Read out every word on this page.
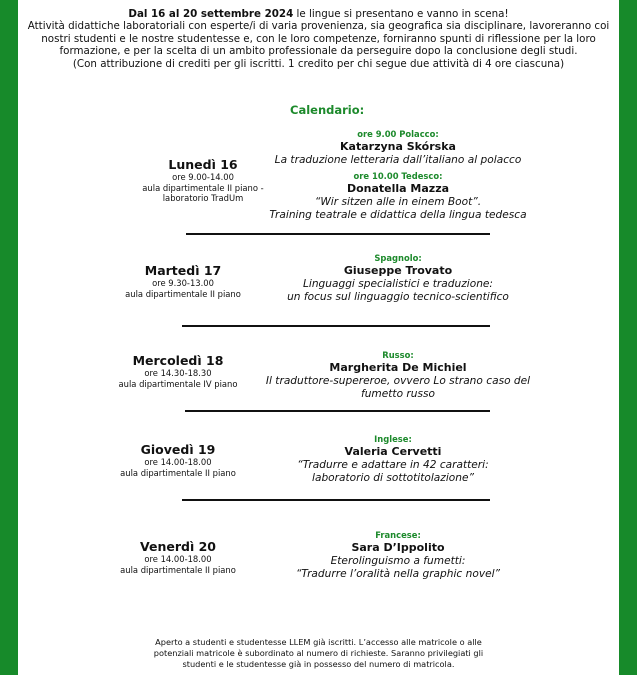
Dal 16 al 20 settembre 2024 le lingue si presentano e vanno in scena!
Attività didattiche laboratoriali con esperte/i di varia provenienza, sia geografica sia disciplinare, lavoreranno coi
nostri studenti e le nostre studentesse e, con le loro competenze, forniranno spunti di riflessione per la loro
formazione, e per la scelta di un ambito professionale da perseguire dopo la conclusione degli studi.
(Con attribuzione di crediti per gli iscritti. 1 credito per chi segue due attività di 4 ore ciascuna)
Calendario:
Lunedì 16
ore 9.00-14.00
aula dipartimentale II piano -
laboratorio TradUm
ore 9.00 Polacco:
Katarzyna Skórska
La traduzione letteraria dall’italiano al polacco
ore 10.00 Tedesco:
Donatella Mazza
“Wir sitzen alle in einem Boot”.
Training teatrale e didattica della lingua tedesca
Martedì 17
ore 9.30-13.00
aula dipartimentale II piano
Spagnolo:
Giuseppe Trovato
Linguaggi specialistici e traduzione:
un focus sul linguaggio tecnico-scientifico
Mercoledì 18
ore 14.30-18.30
aula dipartimentale IV piano
Russo:
Margherita De Michiel
Il traduttore-supereroe, ovvero Lo strano caso del
fumetto russo
Giovedì 19
ore 14.00-18.00
aula dipartimentale II piano
Inglese:
Valeria Cervetti
“Tradurre e adattare in 42 caratteri:
laboratorio di sottotitolazione”
Venerdì 20
ore 14.00-18.00
aula dipartimentale II piano
Francese:
Sara D’Ippolito
Eterolinguismo a fumetti:
“Tradurre l’oralità nella graphic novel”
Aperto a studenti e studentesse LLEM già iscritti. L’accesso alle matricole o alle
potenziali matricole è subordinato al numero di richieste. Saranno privilegiati gli
studenti e le studentesse già in possesso del numero di matricola.
